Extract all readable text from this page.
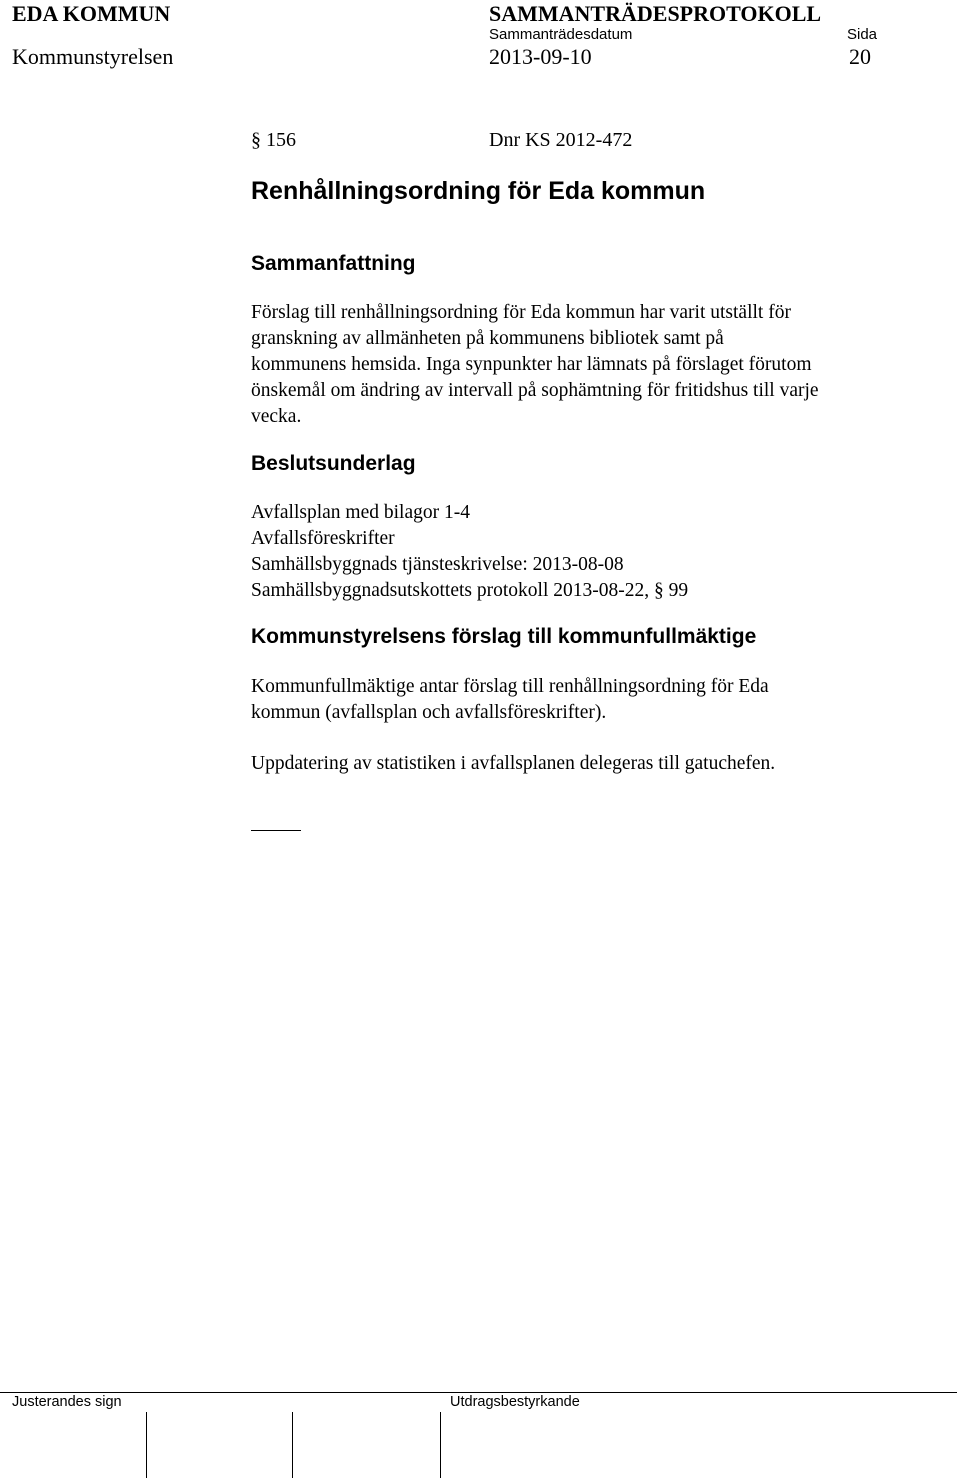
EDA KOMMUN	SAMMANTRÄDESPROTOKOLL
Sammanträdesdatum	Sida
Kommunstyrelsen	2013-09-10	20
§ 156	Dnr KS 2012-472
Renhållningsordning för Eda kommun
Sammanfattning
Förslag till renhållningsordning för Eda kommun har varit utställt för
granskning av allmänheten på kommunens bibliotek samt på
kommunens hemsida. Inga synpunkter har lämnats på förslaget förutom
önskemål om ändring av intervall på sophämtning för fritidshus till varje
vecka.
Beslutsunderlag
Avfallsplan med bilagor 1-4
Avfallsföreskrifter
Samhällsbyggnads tjänsteskrivelse: 2013-08-08
Samhällsbyggnadsutskottets protokoll 2013-08-22, § 99
Kommunstyrelsens förslag till kommunfullmäktige
Kommunfullmäktige antar förslag till renhållningsordning för Eda
kommun (avfallsplan och avfallsföreskrifter).
Uppdatering av statistiken i avfallsplanen delegeras till gatuchefen.
Justerandes sign	Utdragsbestyrkande
